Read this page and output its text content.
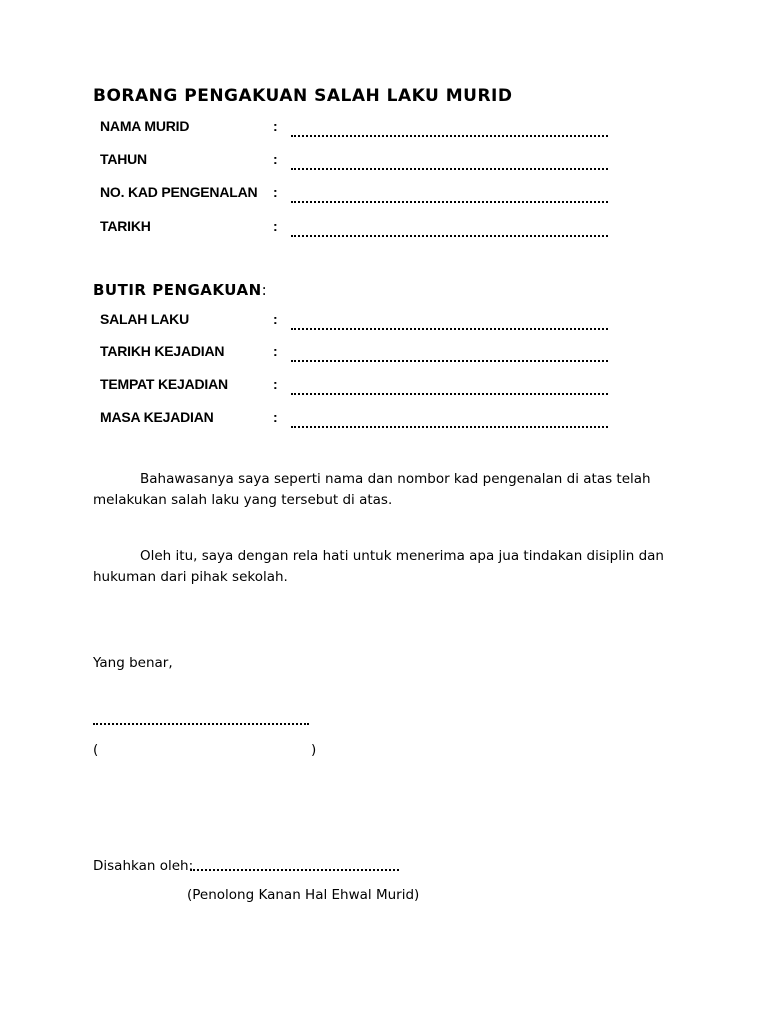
BORANG PENGAKUAN SALAH LAKU MURID
NAMA MURID	:
TAHUN	:
NO. KAD PENGENALAN :
TARIKH	:
BUTIR PENGAKUAN:
SALAH LAKU	:
TARIKH KEJADIAN	:
TEMPAT KEJADIAN	:
MASA KEJADIAN	:
Bahawasanya saya seperti nama dan nombor kad pengenalan di atas telah
melakukan salah laku yang tersebut di atas.
Oleh itu, saya dengan rela hati untuk menerima apa jua tindakan disiplin dan
hukuman dari pihak sekolah.
Yang benar,
(	)
Disahkan oleh:
(Penolong Kanan Hal Ehwal Murid)
